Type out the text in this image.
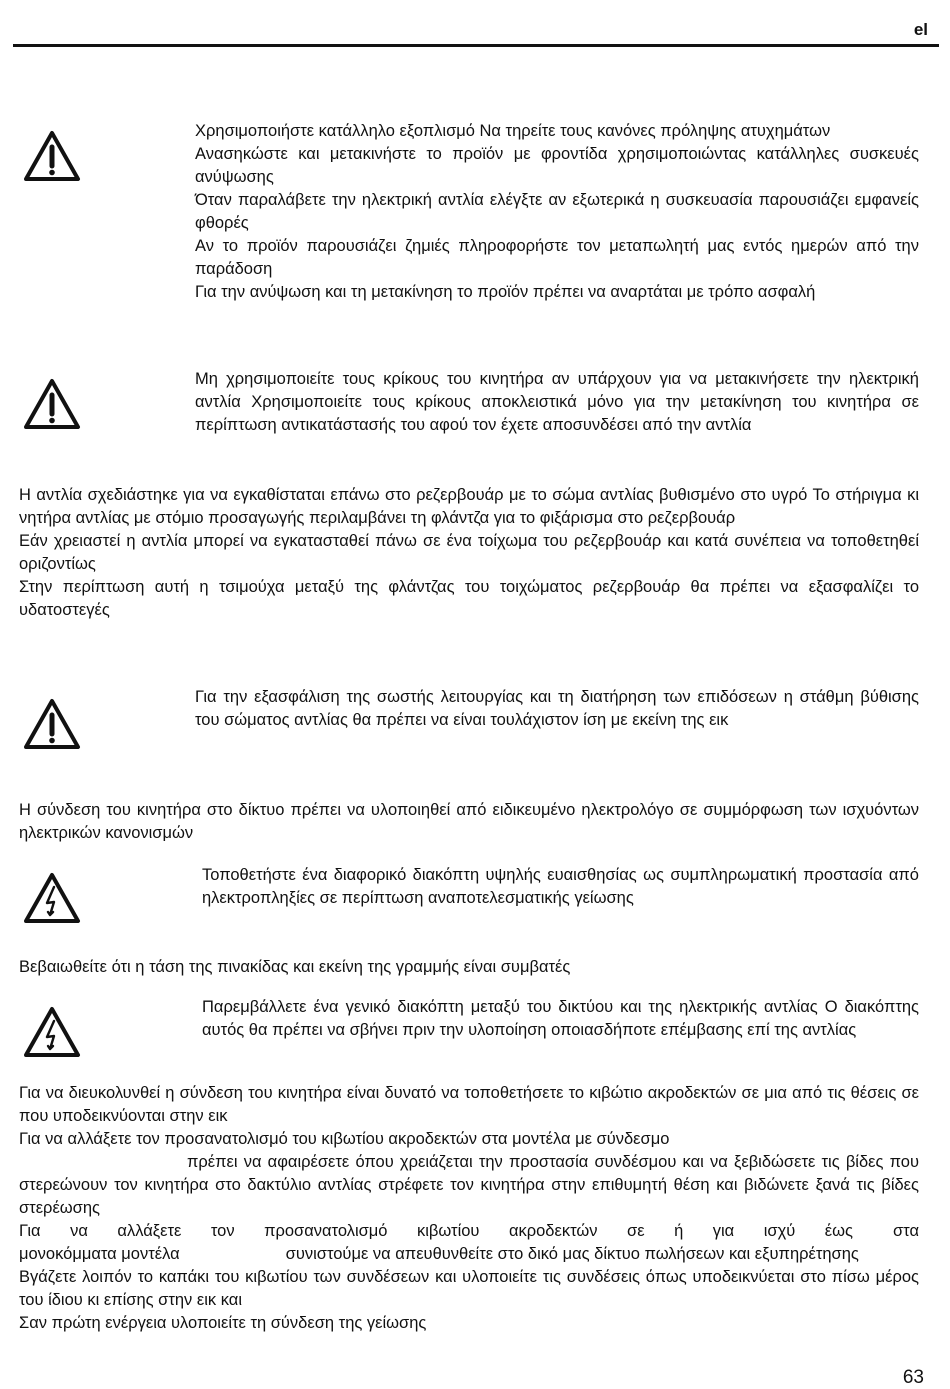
el

Χρησιμοποιήστε κατάλληλο εξοπλισμό Να τηρείτε τους κανόνες πρόληψης ατυχημάτων

Ανασηκώστε και μετακινήστε το προϊόν με φροντίδα χρησιμοποιώντας κατάλληλες συσκευές ανύψωσης

Όταν παραλάβετε την ηλεκτρική αντλία ελέγξτε αν εξωτερικά η συσκευασία παρουσιάζει εμφανείς φθορές

Αν το προϊόν παρουσιάζει ζημιές πληροφορήστε τον μεταπωλητή μας εντός ημερών από την παράδοση

Για την ανύψωση και τη μετακίνηση το προϊόν πρέπει να αναρτάται με τρόπο ασφαλή

Μη χρησιμοποιείτε τους κρίκους του κινητήρα αν υπάρχουν για να μετακινήσετε την ηλεκτρική αντλία Χρησιμοποιείτε τους κρίκους αποκλειστικά μόνο για την μετακίνηση του κινητήρα σε περίπτωση αντικατάστασής του αφού τον έχετε αποσυνδέσει από την αντλία

Η αντλία σχεδιάστηκε για να εγκαθίσταται επάνω στο ρεζερβουάρ με το σώμα αντλίας βυθισμένο στο υγρό Το στήριγμα κι νητήρα αντλίας με στόμιο προσαγωγής περιλαμβάνει τη φλάντζα για το φιξάρισμα στο ρεζερβουάρ

Εάν χρειαστεί η αντλία μπορεί να εγκατασταθεί πάνω σε ένα τοίχωμα του ρεζερβουάρ και κατά συνέπεια να τοποθετηθεί οριζοντίως

Στην περίπτωση αυτή η τσιμούχα μεταξύ της φλάντζας του τοιχώματος ρεζερβουάρ θα πρέπει να εξασφαλίζει το υδατοστεγές

Για την εξασφάλιση της σωστής λειτουργίας και τη διατήρηση των επιδόσεων η στάθμη βύθισης του σώματος αντλίας θα πρέπει να είναι τουλάχιστον ίση με εκείνη της εικ

Η σύνδεση του κινητήρα στο δίκτυο πρέπει να υλοποιηθεί από ειδικευμένο ηλεκτρολόγο σε συμμόρφωση των ισχυόντων ηλεκτρικών κανονισμών

Τοποθετήστε ένα διαφορικό διακόπτη υψηλής ευαισθησίας ως συμπληρωματική προστασία από ηλεκτροπληξίες σε περίπτωση αναποτελεσματικής γείωσης

Βεβαιωθείτε ότι η τάση της πινακίδας και εκείνη της γραμμής είναι συμβατές

Παρεμβάλλετε ένα γενικό διακόπτη μεταξύ του δικτύου και της ηλεκτρικής αντλίας Ο διακόπτης αυτός θα πρέπει να σβήνει πριν την υλοποίηση οποιασδήποτε επέμβασης επί της αντλίας

Για να διευκολυνθεί η σύνδεση του κινητήρα είναι δυνατό να τοποθετήσετε το κιβώτιο ακροδεκτών σε μια από τις θέσεις σε που υποδεικνύονται στην εικ

Για να αλλάξετε τον προσανατολισμό του κιβωτίου ακροδεκτών στα μοντέλα με σύνδεσμο

πρέπει να αφαιρέσετε όπου χρειάζεται την προστασία συνδέσμου και να ξεβιδώσετε τις βίδες που στερεώνουν τον κινητήρα στο δακτύλιο αντλίας στρέφετε τον κινητήρα στην επιθυμητή θέση και βιδώνετε ξανά τις βίδες στερέωσης

Για να αλλάξετε τον προσανατολισμό κιβωτίου ακροδεκτών σε ή για ισχύ έως στα

μονοκόμματα μοντέλα	συνιστούμε να απευθυνθείτε στο δικό μας δίκτυο πωλήσεων και εξυπηρέτησης

Βγάζετε λοιπόν το καπάκι του κιβωτίου των συνδέσεων και υλοποιείτε τις συνδέσεις όπως υποδεικνύεται στο πίσω μέρος του ίδιου κι επίσης στην εικ και

Σαν πρώτη ενέργεια υλοποιείτε τη σύνδεση της γείωσης

63
